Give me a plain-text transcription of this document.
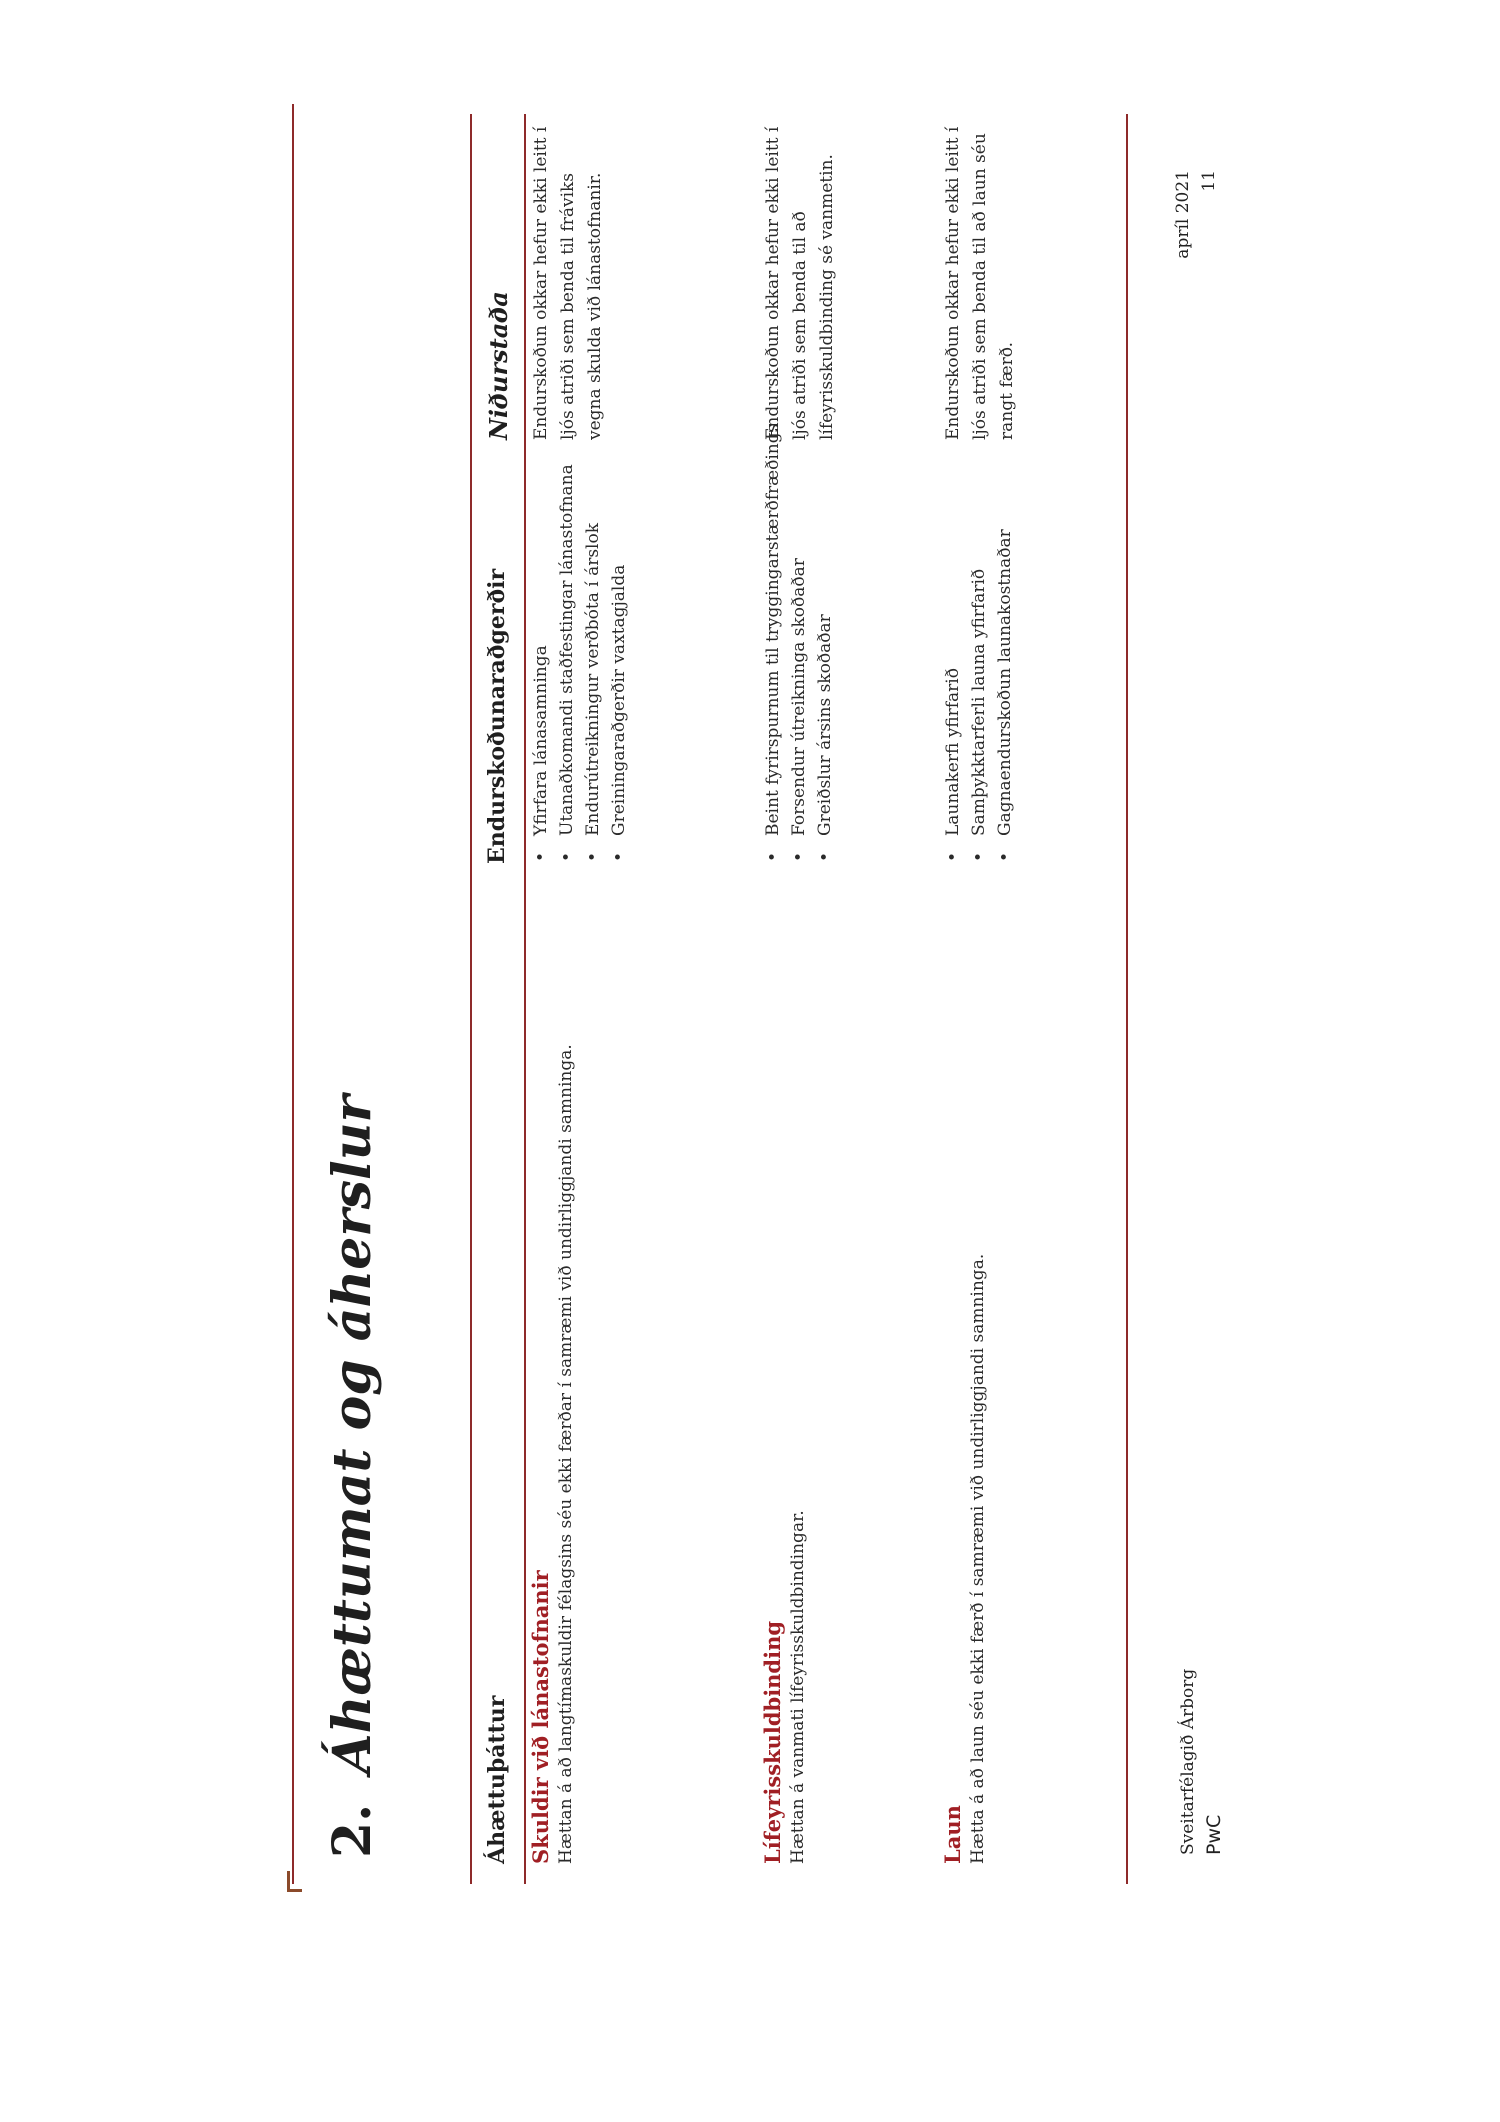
2.Áhættumat og áherslur
Áhættuþáttur
Endurskoðunaraðgerðir
Niðurstaða
Skuldir við lánastofnanir Hættan á að langtímaskuldir félagsins séu ekki færðar í samræmi við undirliggjandi samninga.
• Yfirfara lánasamninga • Utanaðkomandi staðfestingar lánastofnana • Endurútreikningur verðbóta í árslok • Greiningaraðgerðir vaxtagjalda
Endurskoðun okkar hefur ekki leitt í ljós atriði sem benda til fráviks vegna skulda við lánastofnanir.
Lífeyrisskuldbinding Hættan á vanmati lífeyrisskuldbindingar.
• Beint fyrirspurnum til tryggingarstærðfræðings • Forsendur útreikninga skoðaðar • Greiðslur ársins skoðaðar
Endurskoðun okkar hefur ekki leitt í ljós atriði sem benda til að lífeyrisskuldbinding sé vanmetin.
Laun Hætta á að laun séu ekki færð í samræmi við undirliggjandi samninga.
• Launakerfi yfirfarið • Samþykktarferli launa yfirfarið • Gagnaendurskoðun launakostnaðar
Endurskoðun okkar hefur ekki leitt í ljós atriði sem benda til að laun séu rangt færð.
Sveitarfélagið Árborg PwC
apríl 2021 11
